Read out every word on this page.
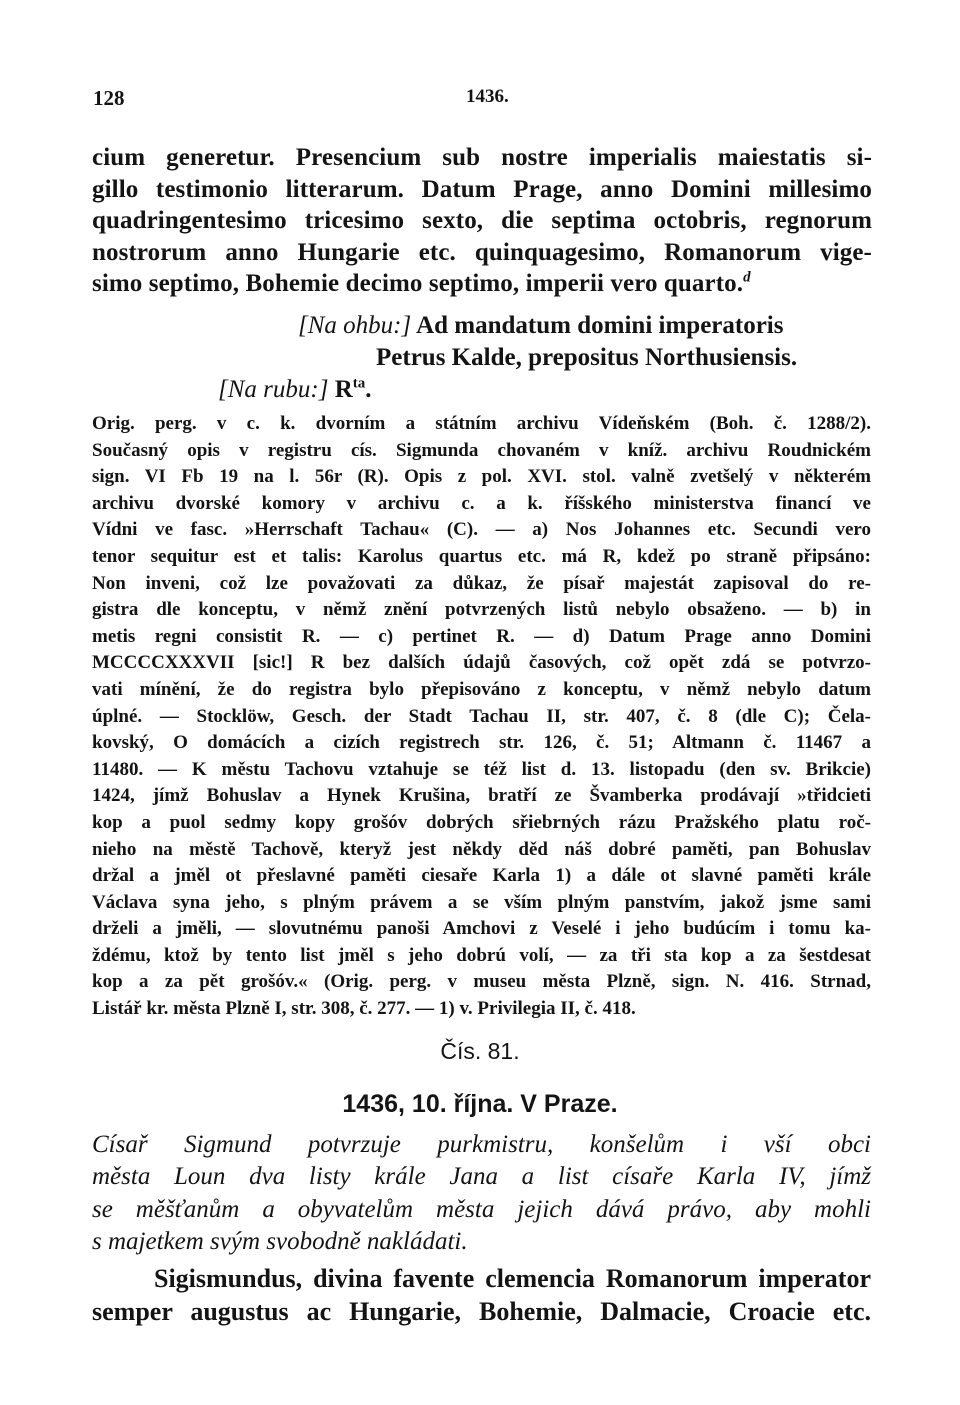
128	1436.
cium generetur. Presencium sub nostre imperialis maiestatis si-
gillo testimonio litterarum. Datum Prage, anno Domini millesimo
quadringentesimo tricesimo sexto, die septima octobris, regnorum
nostrorum anno Hungarie etc. quinquagesimo, Romanorum vige-
simo septimo, Bohemie decimo septimo, imperii vero quarto.$^d$
[Na ohbu:] Ad mandatum domini imperatoris
Petrus Kalde, prepositus Northusiensis.
[Na rubu:] $R^{ta}$.
Orig. perg. v c. k. dvorním a státním archivu Vídeňském (Boh. č. 1288/2).
Současný opis v registru cís. Sigmunda chovaném v kníž. archivu Roudnickém
sign. VI Fb 19 na l. 56r (R). Opis z pol. XVI. stol. valně zvetšelý v některém
archivu dvorské komory v archivu c. a k. říšského ministerstva financí ve
Vídni ve fasc. »Herrschaft Tachau« (C). — a) Nos Johannes etc. Secundi vero
tenor sequitur est et talis: Karolus quartus etc. má R, kdež po straně připsáno:
Non inveni, což lze považovati za důkaz, že písař majestát zapisoval do re-
gistra dle konceptu, v němž znění potvrzených listů nebylo obsaženo. — b) in
metis regni consistit R. — c) pertinet R. — d) Datum Prage anno Domini
MCCCCXXXVII [sic!] R bez dalších údajů časových, což opět zdá se potvrzo-
vati mínění, že do registra bylo přepisováno z konceptu, v němž nebylo datum
úplné. — Stocklöw, Gesch. der Stadt Tachau II, str. 407, č. 8 (dle C); Čela-
kovský, O domácích a cizích registrech str. 126, č. 51; Altmann č. 11467 a
11480. — K městu Tachovu vztahuje se též list d. 13. listopadu (den sv. Brikcie)
1424, jímž Bohuslav a Hynek Krušina, bratří ze Švamberka prodávají »třidcieti
kop a puol sedmy kopy grošóv dobrých sřiebrných rázu Pražského platu roč-
nieho na městě Tachově, kteryž jest někdy děd náš dobré paměti, pan Bohuslav
držal a jměl ot přeslavné paměti ciesaře Karla 1) a dále ot slavné paměti krále
Václava syna jeho, s plným právem a se vším plným panstvím, jakož jsme sami
drželi a jměli, — slovutnému panoši Amchovi z Veselé i jeho budúcím i tomu ka-
ždému, ktož by tento list jměl s jeho dobrú volí, — za tři sta kop a za šestdesat
kop a za pět grošóv.« (Orig. perg. v museu města Plzně, sign. N. 416. Strnad,
Listář kr. města Plzně I, str. 308, č. 277. — 1) v. Privilegia II, č. 418.
Čís. 81.
1436, 10. října. V Praze.
Císař Sigmund potvrzuje purkmistru, konšelům i vší obci
města Loun dva listy krále Jana a list císaře Karla IV, jímž
se měšťanům a obyvatelům města jejich dává právo, aby mohli
s majetkem svým svobodně nakládati.
Sigismundus, divina favente clemencia Romanorum imperator
semper augustus ac Hungarie, Bohemie, Dalmacie, Croacie etc.
